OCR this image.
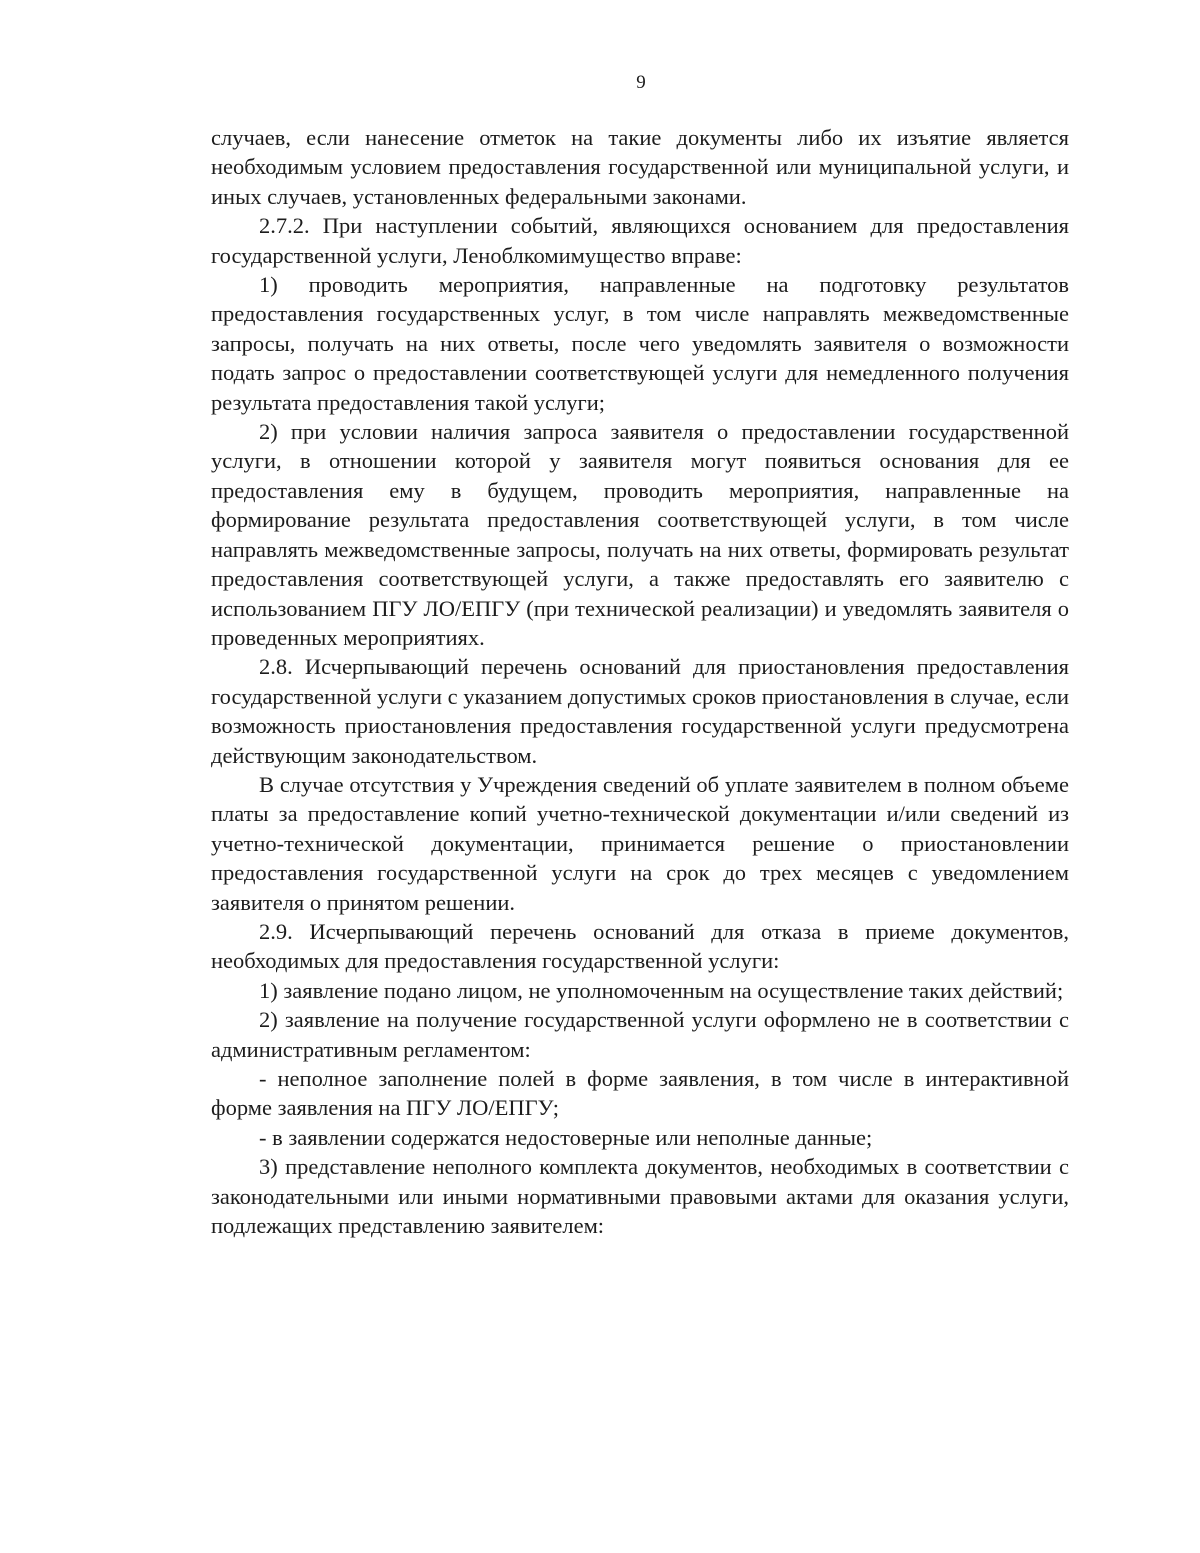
9

случаев, если нанесение отметок на такие документы либо их изъятие является необходимым условием предоставления государственной или муниципальной услуги, и иных случаев, установленных федеральными законами.

2.7.2. При наступлении событий, являющихся основанием для предоставления государственной услуги, Леноблкомимущество вправе:

1) проводить мероприятия, направленные на подготовку результатов предоставления государственных услуг, в том числе направлять межведомственные запросы, получать на них ответы, после чего уведомлять заявителя о возможности подать запрос о предоставлении соответствующей услуги для немедленного получения результата предоставления такой услуги;

2) при условии наличия запроса заявителя о предоставлении государственной услуги, в отношении которой у заявителя могут появиться основания для ее предоставления ему в будущем, проводить мероприятия, направленные на формирование результата предоставления соответствующей услуги, в том числе направлять межведомственные запросы, получать на них ответы, формировать результат предоставления соответствующей услуги, а также предоставлять его заявителю с использованием ПГУ ЛО/ЕПГУ (при технической реализации) и уведомлять заявителя о проведенных мероприятиях.

2.8. Исчерпывающий перечень оснований для приостановления предоставления государственной услуги с указанием допустимых сроков приостановления в случае, если возможность приостановления предоставления государственной услуги предусмотрена действующим законодательством.

В случае отсутствия у Учреждения сведений об уплате заявителем в полном объеме платы за предоставление копий учетно-технической документации и/или сведений из учетно-технической документации, принимается решение о приостановлении предоставления государственной услуги на срок до трех месяцев с уведомлением заявителя о принятом решении.

2.9. Исчерпывающий перечень оснований для отказа в приеме документов, необходимых для предоставления государственной услуги:

1) заявление подано лицом, не уполномоченным на осуществление таких действий;

2) заявление на получение государственной услуги оформлено не в соответствии с административным регламентом:

- неполное заполнение полей в форме заявления, в том числе в интерактивной форме заявления на ПГУ ЛО/ЕПГУ;

- в заявлении содержатся недостоверные или неполные данные;

3) представление неполного комплекта документов, необходимых в соответствии с законодательными или иными нормативными правовыми актами для оказания услуги, подлежащих представлению заявителем:
